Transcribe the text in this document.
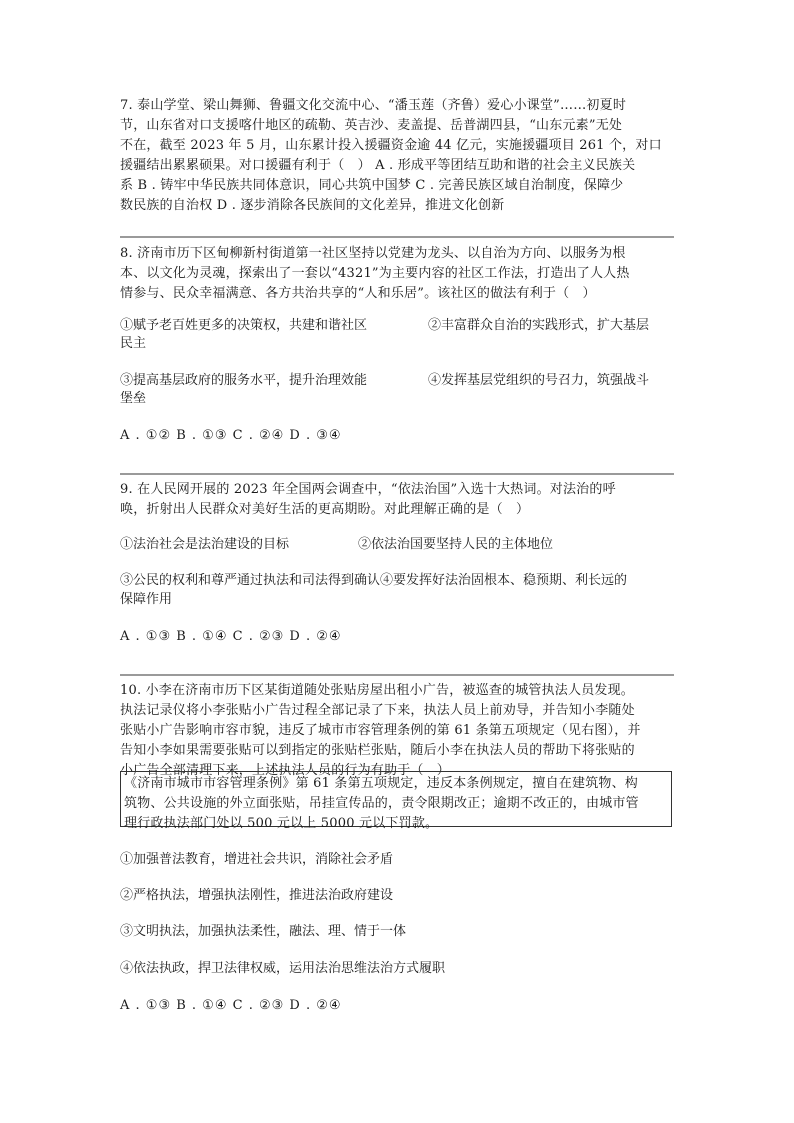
7. 泰山学堂、梁山舞狮、鲁疆文化交流中心、“潘玉莲（齐鲁）爱心小课堂”……初夏时
节，山东省对口支援喀什地区的疏勒、英吉沙、麦盖提、岳普湖四县，“山东元素”无处
不在，截至 2023 年 5 月，山东累计投入援疆资金逾 44 亿元，实施援疆项目 261 个，对口
援疆结出累累硕果。对口援疆有利于（　） A . 形成平等团结互助和谐的社会主义民族关
系 B . 铸牢中华民族共同体意识，同心共筑中国梦 C . 完善民族区域自治制度，保障少
数民族的自治权 D . 逐步消除各民族间的文化差异，推进文化创新
8. 济南市历下区甸柳新村街道第一社区坚持以党建为龙头、以自治为方向、以服务为根
本、以文化为灵魂，探索出了一套以“4321”为主要内容的社区工作法，打造出了人人热
情参与、民众幸福满意、各方共治共享的“人和乐居”。该社区的做法有利于（　）
①赋予老百姓更多的决策权，共建和谐社区	②丰富群众自治的实践形式，扩大基层
民主
③提高基层政府的服务水平，提升治理效能	④发挥基层党组织的号召力，筑强战斗
堡垒
A . ①② B . ①③ C . ②④ D . ③④
9. 在人民网开展的 2023 年全国两会调查中，“依法治国”入选十大热词。对法治的呼
唤，折射出人民群众对美好生活的更高期盼。对此理解正确的是（　）
①法治社会是法治建设的目标	②依法治国要坚持人民的主体地位
③公民的权利和尊严通过执法和司法得到确认④要发挥好法治固根本、稳预期、利长远的
保障作用
A . ①③ B . ①④ C . ②③ D . ②④
10. 小李在济南市历下区某街道随处张贴房屋出租小广告，被巡查的城管执法人员发现。
执法记录仪将小李张贴小广告过程全部记录了下来，执法人员上前劝导，并告知小李随处
张贴小广告影响市容市貌，违反了城市市容管理条例的第 61 条第五项规定（见右图），并
告知小李如果需要张贴可以到指定的张贴栏张贴，随后小李在执法人员的帮助下将张贴的
小广告全部清理下来，上述执法人员的行为有助于（　）
《济南市城市市容管理条例》第 61 条第五项规定，违反本条例规定，擅自在建筑物、构
筑物、公共设施的外立面张贴，吊挂宣传品的，责令限期改正；逾期不改正的，由城市管
理行政执法部门处以 500 元以上 5000 元以下罚款。
①加强普法教育，增进社会共识，消除社会矛盾
②严格执法，增强执法刚性，推进法治政府建设
③文明执法，加强执法柔性，融法、理、情于一体
④依法执政，捍卫法律权威，运用法治思维法治方式履职
A . ①③ B . ①④ C . ②③ D . ②④
